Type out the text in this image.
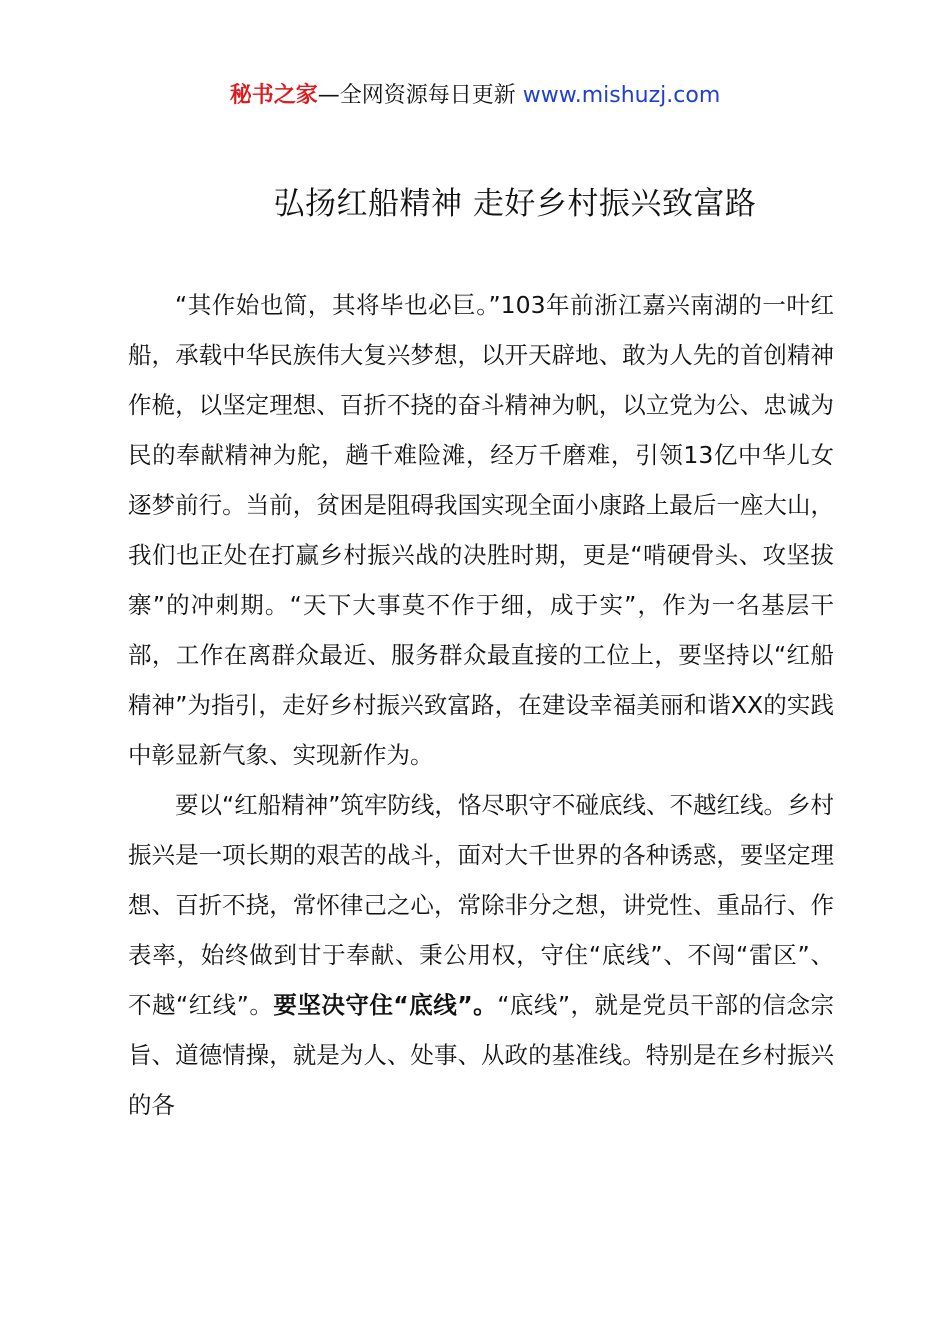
秘书之家—全网资源每日更新 www.mishuzj.com
弘扬红船精神 走好乡村振兴致富路

“其作始也简，其将毕也必巨。”103年前浙江嘉兴南湖的一叶红船，承载中华民族伟大复兴梦想，以开天辟地、敢为人先的首创精神作桅，以坚定理想、百折不挠的奋斗精神为帆，以立党为公、忠诚为民的奉献精神为舵，趟千难险滩，经万千磨难，引领13亿中华儿女逐梦前行。当前，贫困是阻碍我国实现全面小康路上最后一座大山，我们也正处在打赢乡村振兴战的决胜时期，更是“啃硬骨头、攻坚拔寨”的冲刺期。“天下大事莫不作于细，成于实”，作为一名基层干部，工作在离群众最近、服务群众最直接的工位上，要坚持以“红船精神”为指引，走好乡村振兴致富路，在建设幸福美丽和谐XX的实践中彰显新气象、实现新作为。

要以“红船精神”筑牢防线，恪尽职守不碰底线、不越红线。乡村振兴是一项长期的艰苦的战斗，面对大千世界的各种诱惑，要坚定理想、百折不挠，常怀律己之心，常除非分之想，讲党性、重品行、作表率，始终做到甘于奉献、秉公用权，守住“底线”、不闯“雷区”、不越“红线”。要坚决守住“底线”。“底线”，就是党员干部的信念宗旨、道德情操，就是为人、处事、从政的基准线。特别是在乡村振兴的各
